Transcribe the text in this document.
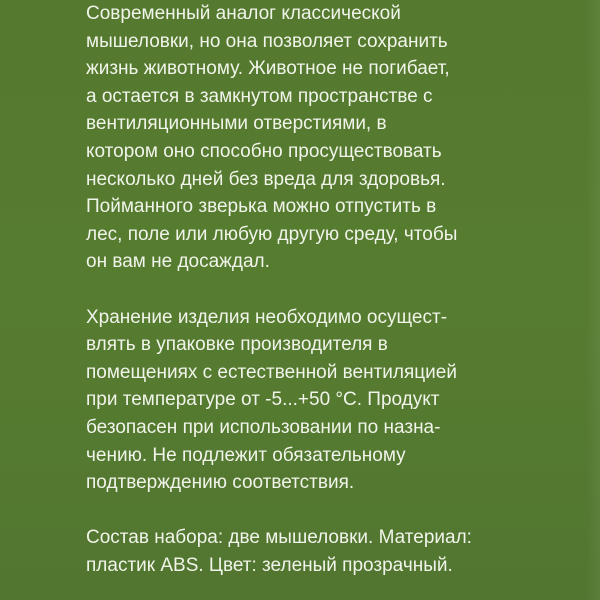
Современный аналог классической
мышеловки, но она позволяет сохранить
жизнь животному. Животное не погибает,
а остается в замкнутом пространстве с
вентиляционными отверстиями, в
котором оно способно просуществовать
несколько дней без вреда для здоровья.
Пойманного зверька можно отпустить в
лес, поле или любую другую среду, чтобы
он вам не досаждал.

Хранение изделия необходимо осущест-
влять в упаковке производителя в
помещениях с естественной вентиляцией
при температуре от -5...+50 °С. Продукт
безопасен при использовании по назна-
чению. Не подлежит обязательному
подтверждению соответствия.

Состав набора: две мышеловки. Материал:
пластик ABS. Цвет: зеленый прозрачный.
